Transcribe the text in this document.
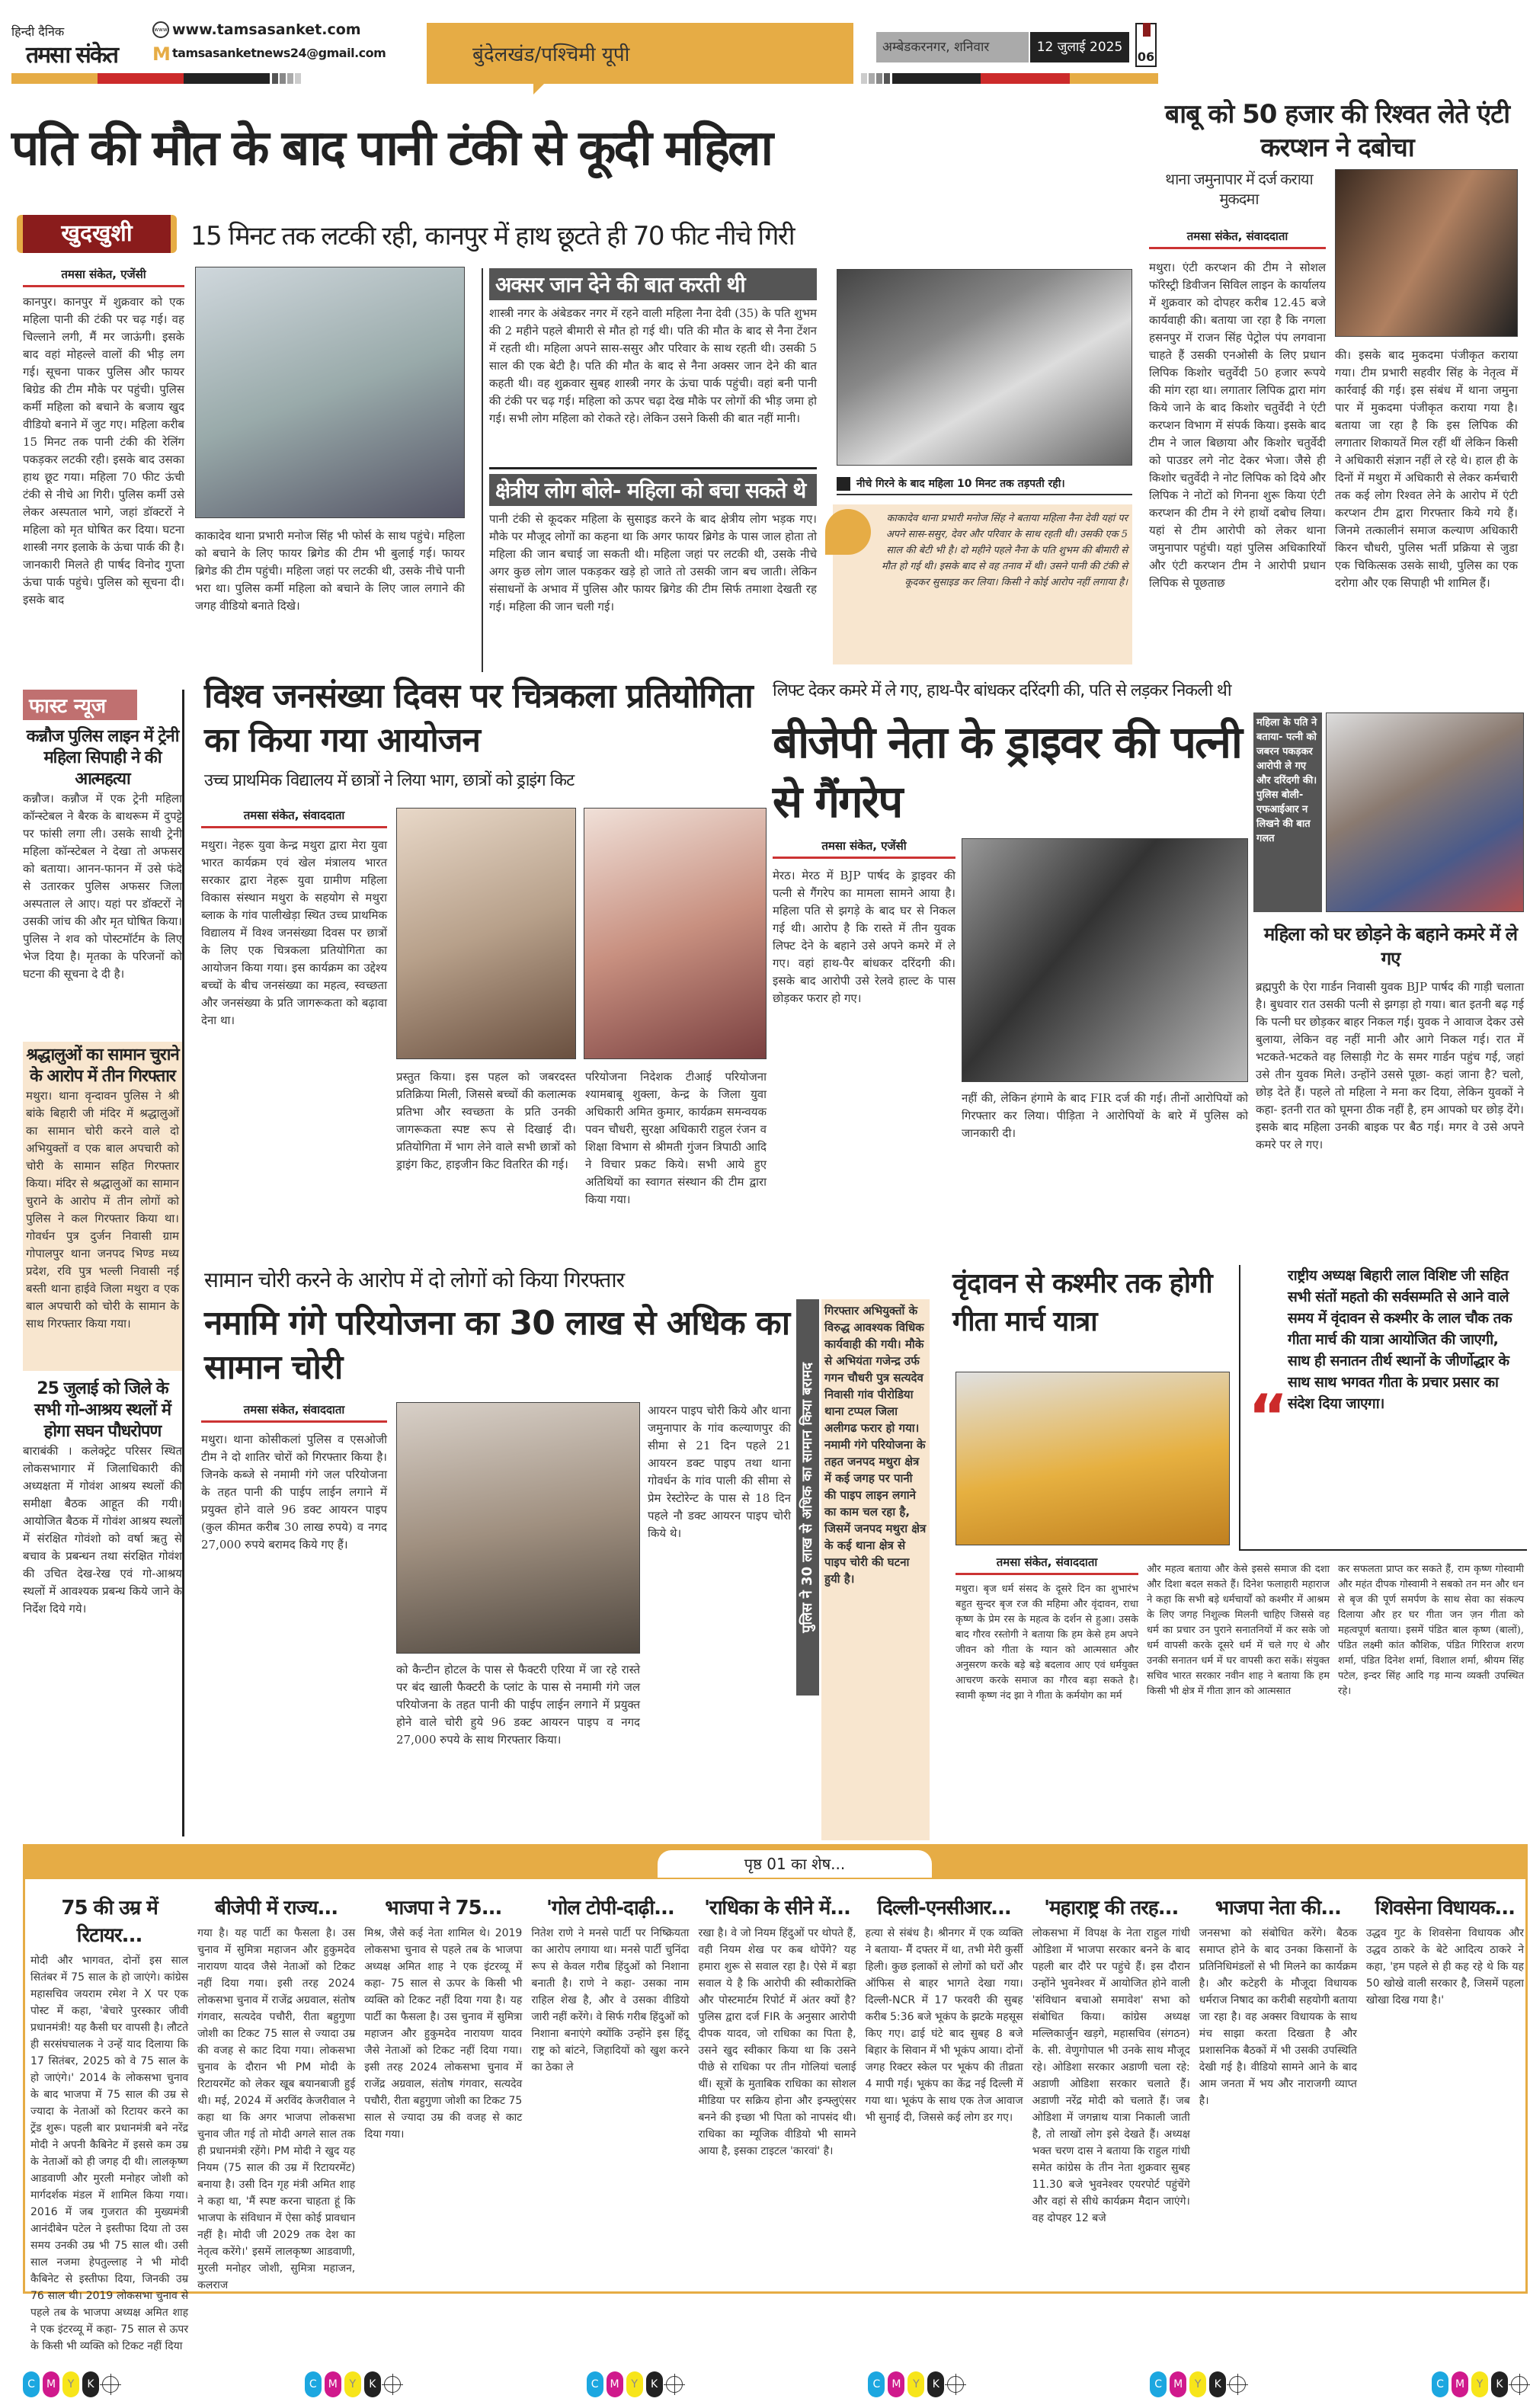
हिन्दी दैनिक
तमसा संकेत
www www.tamsasanket.com
M tamsasanketnews24@gmail.com	बुंदेलखंड/पश्चिमी यूपी	अम्बेडकरनगर, शनिवार	12 जुलाई 2025
06
पति की मौत के बाद पानी टंकी से कूदी महिला
बाबू को 50 हजार की रिश्वत लेते एंटी करप्शन ने दबोचा
थाना जमुनापार में दर्ज कराया मुकदमा
खुदखुशी	15 मिनट तक लटकी रही, कानपुर में हाथ छूटते ही 70 फीट नीचे गिरी
तमसा संकेत, एजेंसी
कानपुर। कानपुर में शुक्रवार को एक महिला पानी की टंकी पर चढ़ गई। वह चिल्लाने लगी, मैं मर जाऊंगी। इसके बाद वहां मोहल्ले वालों की भीड़ लग गई। सूचना पाकर पुलिस और फायर बिग्रेड की टीम मौके पर पहुंची। पुलिस कर्मी महिला को बचाने के बजाय खुद वीडियो बनाने में जुट गए। महिला करीब 15 मिनट तक पानी टंकी की रेलिंग पकड़कर लटकी रही। इसके बाद उसका हाथ छूट गया। महिला 70 फीट ऊंची टंकी से नीचे आ गिरी। पुलिस कर्मी उसे लेकर अस्पताल भागे, जहां डॉक्टरों ने महिला को मृत घोषित कर दिया। घटना शास्त्री नगर इलाके के ऊंचा पार्क की है। जानकारी मिलते ही पार्षद विनोद गुप्ता ऊंचा पार्क पहुंचे। पुलिस को सूचना दी। इसके बाद
काकादेव थाना प्रभारी मनोज सिंह भी फोर्स के साथ पहुंचे। महिला को बचाने के लिए फायर ब्रिगेड की टीम भी बुलाई गई। फायर ब्रिगेड की टीम पहुंची। महिला जहां पर लटकी थी, उसके नीचे पानी भरा था। पुलिस कर्मी महिला को बचाने के लिए जाल लगाने की जगह वीडियो बनाते दिखे।
अक्सर जान देने की बात करती थी
शास्त्री नगर के अंबेडकर नगर में रहने वाली महिला नैना देवी (35) के पति शुभम की 2 महीने पहले बीमारी से मौत हो गई थी। पति की मौत के बाद से नैना टेंशन में रहती थी। महिला अपने सास-ससुर और परिवार के साथ रहती थी। उसकी 5 साल की एक बेटी है। पति की मौत के बाद से नैना अक्सर जान देने की बात कहती थी। वह शुक्रवार सुबह शास्त्री नगर के ऊंचा पार्क पहुंची। वहां बनी पानी की टंकी पर चढ़ गई। महिला को ऊपर चढ़ा देख मौके पर लोगों की भीड़ जमा हो गई। सभी लोग महिला को रोकते रहे। लेकिन उसने किसी की बात नहीं मानी।
क्षेत्रीय लोग बोले- महिला को बचा सकते थे
पानी टंकी से कूदकर महिला के सुसाइड करने के बाद क्षेत्रीय लोग भड़क गए। मौके पर मौजूद लोगों का कहना था कि अगर फायर ब्रिगेड के पास जाल होता तो महिला की जान बचाई जा सकती थी। महिला जहां पर लटकी थी, उसके नीचे अगर कुछ लोग जाल पकड़कर खड़े हो जाते तो उसकी जान बच जाती। लेकिन संसाधनों के अभाव में पुलिस और फायर ब्रिगेड की टीम सिर्फ तमाशा देखती रह गई। महिला की जान चली गई।
नीचे गिरने के बाद महिला 10 मिनट तक तड़पती रही।
काकादेव थाना प्रभारी मनोज सिंह ने बताया महिला नैना देवी यहां पर अपने सास-ससुर, देवर और परिवार के साथ रहती थी। उसकी एक 5 साल की बेटी भी है। दो महीने पहले नैना के पति शुभम की बीमारी से मौत हो गई थी। इसके बाद से वह तनाव में थी। उसने पानी की टंकी से कूदकर सुसाइड कर लिया। किसी ने कोई आरोप नहीं लगाया है।
तमसा संकेत, संवाददाता
मथुरा। एंटी करप्शन की टीम ने सोशल फॉरेस्ट्री डिवीजन सिविल लाइन के कार्यालय में शुक्रवार को दोपहर करीब 12.45 बजे कार्यवाही की। बताया जा रहा है कि नगला हसनपुर में राजन सिंह पेट्रोल पंप लगवाना चाहते हैं उसकी एनओसी के लिए प्रधान लिपिक किशोर चतुर्वेदी 50 हजार रूपये की मांग रहा था। लगातार लिपिक द्वारा मांग किये जाने के बाद किशोर चतुर्वेदी ने एंटी करप्शन विभाग में संपर्क किया। इसके बाद टीम ने जाल बिछाया और किशोर चतुर्वेदी को पाउडर लगे नोट देकर भेजा। जैसे ही किशोर चतुर्वेदी ने नोट लिपिक को दिये और लिपिक ने नोटों को गिनना शुरू किया एंटी करप्शन की टीम ने रंगे हाथों दबोच लिया। यहां से टीम आरोपी को लेकर थाना जमुनापार पहुंची। यहां पुलिस अधिकारियों और एंटी करप्शन टीम ने आरोपी प्रधान लिपिक से पूछताछ
की। इसके बाद मुकदमा पंजीकृत कराया गया। टीम प्रभारी सहवीर सिंह के नेतृत्व में कार्रवाई की गई। इस संबंध में थाना जमुना पार में मुकदमा पंजीकृत कराया गया है। बताया जा रहा है कि इस लिपिक की लगातार शिकायतें मिल रहीं थीं लेकिन किसी ने अधिकारी संज्ञान नहीं ले रहे थे। हाल ही के दिनों में मथुरा में अधिकारी से लेकर कर्मचारी तक कई लोग रिश्वत लेने के आरोप में एंटी करप्शन टीम द्वारा गिरफ्तार किये गये हैं। जिनमे तत्कालीनं समाज कल्याण अधिकारी किरन चौधरी, पुलिस भर्ती प्रक्रिया से जुडा एक चिकित्सक उसके साथी, पुलिस का एक दरोगा और एक सिपाही भी शामिल हैं।
फास्ट न्यूज
कन्नौज पुलिस लाइन में ट्रेनी महिला सिपाही ने की आत्महत्या
कन्नौज। कन्नौज में एक ट्रेनी महिला कॉन्स्टेबल ने बैरक के बाथरूम में दुपट्टे पर फांसी लगा ली। उसके साथी ट्रेनी महिला कॉन्स्टेबल ने देखा तो अफसर को बताया। आनन-फानन में उसे फंदे से उतारकर पुलिस अफसर जिला अस्पताल ले आए। यहां पर डॉक्टरों ने उसकी जांच की और मृत घोषित किया। पुलिस ने शव को पोस्टमॉर्टम के लिए भेज दिया है। मृतका के परिजनों को घटना की सूचना दे दी है।
श्रद्धालुओं का सामान चुराने के आरोप में तीन गिरफ्तार
मथुरा। थाना वृन्दावन पुलिस ने श्री बांके बिहारी जी मंदिर में श्रद्धालुओं का सामान चोरी करने वाले दो अभियुक्तों व एक बाल अपचारी को चोरी के सामान सहित गिरफ्तार किया। मंदिर से श्रद्धालुओं का सामान चुराने के आरोप में तीन लोगों को पुलिस ने कल गिरफ्तार किया था। गोवर्धन पुत्र दुर्जन निवासी ग्राम गोपालपुर थाना जनपद भिण्ड मध्य प्रदेश, रवि पुत्र भल्ली निवासी नई बस्ती थाना हाईवे जिला मथुरा व एक बाल अपचारी को चोरी के सामान के साथ गिरफ्तार किया गया।
25 जुलाई को जिले के सभी गो-आश्रय स्थलों में होगा सघन पौधरोपण
बाराबंकी । कलेक्ट्रेट परिसर स्थित लोकसभागार में जिलाधिकारी की अध्यक्षता में गोवंश आश्रय स्थलों की समीक्षा बैठक आहूत की गयी। आयोजित बैठक में गोवंश आश्रय स्थलों में संरक्षित गोवंशो को वर्षा ऋतु से बचाव के प्रबन्धन तथा संरक्षित गोवंश की उचित देख-रेख एवं गो-आश्रय स्थलों में आवश्यक प्रबन्ध किये जाने के निर्देश दिये गये।
विश्व जनसंख्या दिवस पर चित्रकला प्रतियोगिता का किया गया आयोजन
उच्च प्राथमिक विद्यालय में छात्रों ने लिया भाग, छात्रों को ड्राइंग किट
तमसा संकेत, संवाददाता
मथुरा। नेहरू युवा केन्द्र मथुरा द्वारा मेरा युवा भारत कार्यक्रम एवं खेल मंत्रालय भारत सरकार द्वारा नेहरू युवा ग्रामीण महिला विकास संस्थान मथुरा के सहयोग से मथुरा ब्लाक के गांव पालीखेड़ा स्थित उच्च प्राथमिक विद्यालय में विश्व जनसंख्या दिवस पर छात्रों के लिए एक चित्रकला प्रतियोगिता का आयोजन किया गया। इस कार्यक्रम का उद्देश्य बच्चों के बीच जनसंख्या का महत्व, स्वच्छता और जनसंख्या के प्रति जागरूकता को बढ़ावा देना था।
प्रस्तुत किया। इस पहल को जबरदस्त प्रतिक्रिया मिली, जिससे बच्चों की कलात्मक प्रतिभा और स्वच्छता के प्रति उनकी जागरूकता स्पष्ट रूप से दिखाई दी। प्रतियोगिता में भाग लेने वाले सभी छात्रों को ड्राइंग किट, हाइजीन किट वितरित की गई।
परियोजना निदेशक टीआई परियोजना श्यामबाबू शुक्ला, केन्द्र के जिला युवा अधिकारी अमित कुमार, कार्यक्रम समन्वयक पवन चौधरी, सुरक्षा अधिकारी राहुल रंजन व शिक्षा विभाग से श्रीमती गुंजन त्रिपाठी आदि ने विचार प्रकट किये। सभी आये हुए अतिथियों का स्वागत संस्थान की टीम द्वारा किया गया।
लिफ्ट देकर कमरे में ले गए, हाथ-पैर बांधकर दरिंदगी की, पति से लड़कर निकली थी
बीजेपी नेता के ड्राइवर की पत्नी से गैंगरेप
महिला के पति ने बताया- पत्नी को जबरन पकड़कर आरोपी ले गए और दरिंदगी की। पुलिस बोली- एफआईआर न लिखने की बात गलत
तमसा संकेत, एजेंसी
मेरठ। मेरठ में BJP पार्षद के ड्राइवर की पत्नी से गैंगरेप का मामला सामने आया है। महिला पति से झगड़े के बाद घर से निकल गई थी। आरोप है कि रास्ते में तीन युवक लिफ्ट देने के बहाने उसे अपने कमरे में ले गए। वहां हाथ-पैर बांधकर दरिंदगी की। इसके बाद आरोपी उसे रेलवे हाल्ट के पास छोड़कर फरार हो गए।
नहीं की, लेकिन हंगामे के बाद FIR दर्ज की गई। तीनों आरोपियों को गिरफ्तार कर लिया। पीड़िता ने आरोपियों के बारे में पुलिस को जानकारी दी।
महिला को घर छोड़ने के बहाने कमरे में ले गए
ब्रह्मपुरी के ऐरा गार्डन निवासी युवक BJP पार्षद की गाड़ी चलाता है। बुधवार रात उसकी पत्नी से झगड़ा हो गया। बात इतनी बढ़ गई कि पत्नी घर छोड़कर बाहर निकल गई। युवक ने आवाज देकर उसे बुलाया, लेकिन वह नहीं मानी और आगे निकल गई। रात में भटकते-भटकते वह लिसाड़ी गेट के समर गार्डन पहुंच गई, जहां उसे तीन युवक मिले। उन्होंने उससे पूछा- कहां जाना है? चलो, छोड़ देते हैं। पहले तो महिला ने मना कर दिया, लेकिन युवकों ने कहा- इतनी रात को घूमना ठीक नहीं है, हम आपको घर छोड़ देंगे। इसके बाद महिला उनकी बाइक पर बैठ गई। मगर वे उसे अपने कमरे पर ले गए।
सामान चोरी करने के आरोप में दो लोगों को किया गिरफ्तार
नमामि गंगे परियोजना का 30 लाख से अधिक का सामान चोरी	पुलिस ने 30 लाख से अधिक का सामान किया बरामद
गिरफ्तार अभियुक्तों के विरुद्ध आवश्यक विधिक कार्यवाही की गयी। मौके से अभियंता गजेन्द्र उर्फ गगन चौधरी पुत्र सत्यदेव निवासी गांव पीरोडिया थाना टप्पल जिला अलीगढ फरार हो गया। नमामी गंगे परियोजना के तहत जनपद मथुरा क्षेत्र में कई जगह पर पानी की पाइप लाइन लगाने का काम चल रहा है, जिसमें जनपद मथुरा क्षेत्र के कई थाना क्षेत्र से पाइप चोरी की घटना हुयी है।
तमसा संकेत, संवाददाता
मथुरा। थाना कोसीकलां पुलिस व एसओजी टीम ने दो शातिर चोरों को गिरफ्तार किया है। जिनके कब्जे से नमामी गंगे जल परियोजना के तहत पानी की पाईप लाईन लगाने में प्रयुक्त होने वाले 96 डक्ट आयरन पाइप (कुल कीमत करीब 30 लाख रुपये) व नगद 27,000 रुपये बरामद किये गए हैं।
को कैन्टीन होटल के पास से फैक्टरी एरिया में जा रहे रास्ते पर बंद खाली फैक्टरी के प्लांट के पास से नमामी गंगे जल परियोजना के तहत पानी की पाईप लाईन लगाने में प्रयुक्त होने वाले चोरी हुये 96 डक्ट आयरन पाइप व नगद 27,000 रुपये के साथ गिरफ्तार किया।
आयरन पाइप चोरी किये और थाना जमुनापार के गांव कल्याणपुर की सीमा से 21 दिन पहले 21 आयरन डक्ट पाइप तथा थाना गोवर्धन के गांव पाली की सीमा से प्रेम रेस्टोरेन्ट के पास से 18 दिन पहले नौ डक्ट आयरन पाइप चोरी किये थे।
वृंदावन से कश्मीर तक होगी गीता मार्च यात्रा
“
राष्ट्रीय अध्यक्ष बिहारी लाल विशिष्ट जी सहित सभी संतों महतो की सर्वसम्मति से आने वाले समय में वृंदावन से कश्मीर के लाल चौक तक गीता मार्च की यात्रा आयोजित की जाएगी, साथ ही सनातन तीर्थ स्थानों के जीर्णोद्धार के साथ साथ भगवत गीता के प्रचार प्रसार का संदेश दिया जाएगा।
तमसा संकेत, संवाददाता
मथुरा। बृज धर्म संसद के दूसरे दिन का शुभारंभ बहुत सुन्दर बृज रज की महिमा और वृंदावन, राधा कृष्ण के प्रेम रस के महत्व के दर्शन से हुआ। उसके बाद गौरव रस्तोगी ने बताया कि हम केसे हम अपने जीवन को गीता के ग्यान को आत्मसात और अनुसरण करके बड़े बड़े बदलाव आए एवं धर्मयुक्त आचरण करके समाज का गौरव बड़ा सकते है। स्वामी कृष्ण नंद झा ने गीता के कर्मयोग का मर्म
और महत्व बताया और केसे इससे समाज की दशा और दिशा बदल सकते हैं। दिनेश फलाहारी महाराज ने कहा कि सभी बड़े धर्मचार्यों को कश्मीर में आश्रम के लिए जगह निशुल्क मिलनी चाहिए जिससे वह धर्म का प्रचार उन पुराने सनातनियों में कर सके जो धर्म वापसी करके दूसरे धर्म में चले गए थे और उनकी सनातन धर्म में घर वापसी करा सकें। संयुक्त सचिव भारत सरकार नवीन शाह ने बताया कि हम किसी भी क्षेत्र में गीता ज्ञान को आत्मसात
कर सफलता प्राप्त कर सकते हैं, राम कृष्ण गोस्वामी और महंत दीपक गोस्वामी ने सबको तन मन और धन से बृज की पूर्ण समर्पण के साथ सेवा का संकल्प दिलाया और हर घर गीता जन ज़न गीता को महत्वपूर्ण बताया। इसमें पंडित बाल कृष्ण (बालों), पंडित लक्ष्मी कांत कौशिक, पंडित गिरिराज शरण शर्मा, पंडित दिनेश शर्मा, विशाल शर्मा, श्रीयम सिंह पटेल, इन्दर सिंह आदि गड़ मान्य व्यक्ती उपस्थित रहे।
पृष्ठ 01 का शेष...
75 की उम्र में रिटायर...
मोदी और भागवत, दोनों इस साल सितंबर में 75 साल के हो जाएंगे। कांग्रेस महासचिव जयराम रमेश ने X पर एक पोस्ट में कहा, 'बेचारे पुरस्कार जीवी प्रधानमंत्री! यह कैसी घर वापसी है। लौटते ही सरसंघचालक ने उन्हें याद दिलाया कि 17 सितंबर, 2025 को वे 75 साल के हो जाएंगे।' 2014 के लोकसभा चुनाव के बाद भाजपा में 75 साल की उम्र से ज्यादा के नेताओं को रिटायर करने का ट्रेंड शुरू। पहली बार प्रधानमंत्री बने नरेंद्र मोदी ने अपनी कैबिनेट में इससे कम उम्र के नेताओं को ही जगह दी थी। लालकृष्ण आडवाणी और मुरली मनोहर जोशी को मार्गदर्शक मंडल में शामिल किया गया। 2016 में जब गुजरात की मुख्यमंत्री आनंदीबेन पटेल ने इस्तीफा दिया तो उस समय उनकी उम्र भी 75 साल थी। उसी साल नजमा हेपतुल्लाह ने भी मोदी कैबिनेट से इस्तीफा दिया, जिनकी उम्र 76 साल थी। 2019 लोकसभा चुनाव से पहले तब के भाजपा अध्यक्ष अमित शाह ने एक इंटरव्यू में कहा- 75 साल से ऊपर के किसी भी व्यक्ति को टिकट नहीं दिया
बीजेपी में राज्य...
गया है। यह पार्टी का फैसला है। उस चुनाव में सुमित्रा महाजन और हुकुमदेव नारायण यादव जैसे नेताओं को टिकट नहीं दिया गया। इसी तरह 2024 लोकसभा चुनाव में राजेंद्र अग्रवाल, संतोष गंगवार, सत्यदेव पचौरी, रीता बहुगुणा जोशी का टिकट 75 साल से ज्यादा उम्र की वजह से काट दिया गया। लोकसभा चुनाव के दौरान भी PM मोदी के रिटायरमेंट को लेकर खूब बयानबाजी हुई थी। मई, 2024 में अरविंद केजरीवाल ने कहा था कि अगर भाजपा लोकसभा चुनाव जीत गई तो मोदी अगले साल तक ही प्रधानमंत्री रहेंगे। PM मोदी ने खुद यह नियम (75 साल की उम्र में रिटायरमेंट) बनाया है। उसी दिन गृह मंत्री अमित शाह ने कहा था, 'मैं स्पष्ट करना चाहता हूं कि भाजपा के संविधान में ऐसा कोई प्रावधान नहीं है। मोदी जी 2029 तक देश का नेतृत्व करेंगे।' इसमें लालकृष्ण आडवाणी, मुरली मनोहर जोशी, सुमित्रा महाजन, कलराज
भाजपा ने 75...
मिश्र, जैसे कई नेता शामिल थे। 2019 लोकसभा चुनाव से पहले तब के भाजपा अध्यक्ष अमित शाह ने एक इंटरव्यू में कहा- 75 साल से ऊपर के किसी भी व्यक्ति को टिकट नहीं दिया गया है। यह पार्टी का फैसला है। उस चुनाव में सुमित्रा महाजन और हुकुमदेव नारायण यादव जैसे नेताओं को टिकट नहीं दिया गया। इसी तरह 2024 लोकसभा चुनाव में राजेंद्र अग्रवाल, संतोष गंगवार, सत्यदेव पचौरी, रीता बहुगुणा जोशी का टिकट 75 साल से ज्यादा उम्र की वजह से काट दिया गया।
'गोल टोपी-दाढ़ी...
नितेश राणे ने मनसे पार्टी पर निष्क्रियता का आरोप लगाया था। मनसे पार्टी चुनिंदा रूप से केवल गरीब हिंदुओं को निशाना बनाती है। राणे ने कहा- उसका नाम राहिल शेख है, और वे उसका वीडियो जारी नहीं करेंगे। वे सिर्फ गरीब हिंदुओं को निशाना बनाएंगे क्योंकि उन्होंने इस हिंदू राष्ट्र को बांटने, जिहादियों को खुश करने का ठेका ले
'राधिका के सीने में...
रखा है। वे जो नियम हिंदुओं पर थोपते हैं, वही नियम शेख पर कब थोपेंगे? यह हमारा शुरू से सवाल रहा है। ऐसे में बड़ा सवाल ये है कि आरोपी की स्वीकारोक्ति और पोस्टमार्टम रिपोर्ट में अंतर क्यों है? पुलिस द्वारा दर्ज FIR के अनुसार आरोपी दीपक यादव, जो राधिका का पिता है, उसने खुद स्वीकार किया था कि उसने पीछे से राधिका पर तीन गोलियां चलाई थीं। सूत्रों के मुताबिक राधिका का सोशल मीडिया पर सक्रिय होना और इन्फ्लुएंसर बनने की इच्छा भी पिता को नापसंद थी। राधिका का म्यूजिक वीडियो भी सामने आया है, इसका टाइटल 'कारवां' है।
दिल्ली-एनसीआर...
हत्या से संबंध है। श्रीनगर में एक व्यक्ति ने बताया- मैं दफ्तर में था, तभी मेरी कुर्सी हिली। कुछ इलाकों से लोगों को घरों और ऑफिस से बाहर भागते देखा गया। दिल्ली-NCR में 17 फरवरी की सुबह करीब 5:36 बजे भूकंप के झटके महसूस किए गए। ढाई घंटे बाद सुबह 8 बजे बिहार के सिवान में भी भूकंप आया। दोनों जगह रिक्टर स्केल पर भूकंप की तीव्रता 4 मापी गई। भूकंप का केंद्र नई दिल्ली में गया था। भूकंप के साथ एक तेज आवाज भी सुनाई दी, जिससे कई लोग डर गए।
'महाराष्ट्र की तरह...
लोकसभा में विपक्ष के नेता राहुल गांधी ओडिशा में भाजपा सरकार बनने के बाद पहली बार दौरे पर पहुंचे हैं। इस दौरान उन्होंने भुवनेश्वर में आयोजित होने वाली 'संविधान बचाओ समावेश' सभा को संबोधित किया। कांग्रेस अध्यक्ष मल्लिकार्जुन खड़गे, महासचिव (संगठन) के. सी. वेणुगोपाल भी उनके साथ मौजूद रहे। ओडिशा सरकार अडाणी चला रहे: अडाणी ओडिशा सरकार चलाते हैं। अडाणी नरेंद्र मोदी को चलाते हैं। जब ओडिशा में जगन्नाथ यात्रा निकाली जाती है, तो लाखों लोग इसे देखते हैं। अध्यक्ष भक्त चरण दास ने बताया कि राहुल गांधी समेत कांग्रेस के तीन नेता शुक्रवार सुबह 11.30 बजे भुवनेश्वर एयरपोर्ट पहुंचेंगे और वहां से सीधे कार्यक्रम मैदान जाएंगे। वह दोपहर 12 बजे
भाजपा नेता की...
जनसभा को संबोधित करेंगे। बैठक समाप्त होने के बाद उनका किसानों के प्रतिनिधिमंडलों से भी मिलने का कार्यक्रम है। और कटेहरी के मौजूदा विधायक धर्मराज निषाद का करीबी सहयोगी बताया जा रहा है। वह अक्सर विधायक के साथ मंच साझा करता दिखता है और प्रशासनिक बैठकों में भी उसकी उपस्थिति देखी गई है। वीडियो सामने आने के बाद आम जनता में भय और नाराजगी व्याप्त है।
शिवसेना विधायक...
उद्धव गुट के शिवसेना विधायक और उद्धव ठाकरे के बेटे आदित्य ठाकरे ने कहा, 'हम पहले से ही कह रहे थे कि यह 50 खोखे वाली सरकार है, जिसमें पहला खोखा दिख गया है।'
C	M	Y	K	C	M	Y	K	C	M	Y	K	C	M	Y	K	C	M	Y	K	C	M	Y	K
